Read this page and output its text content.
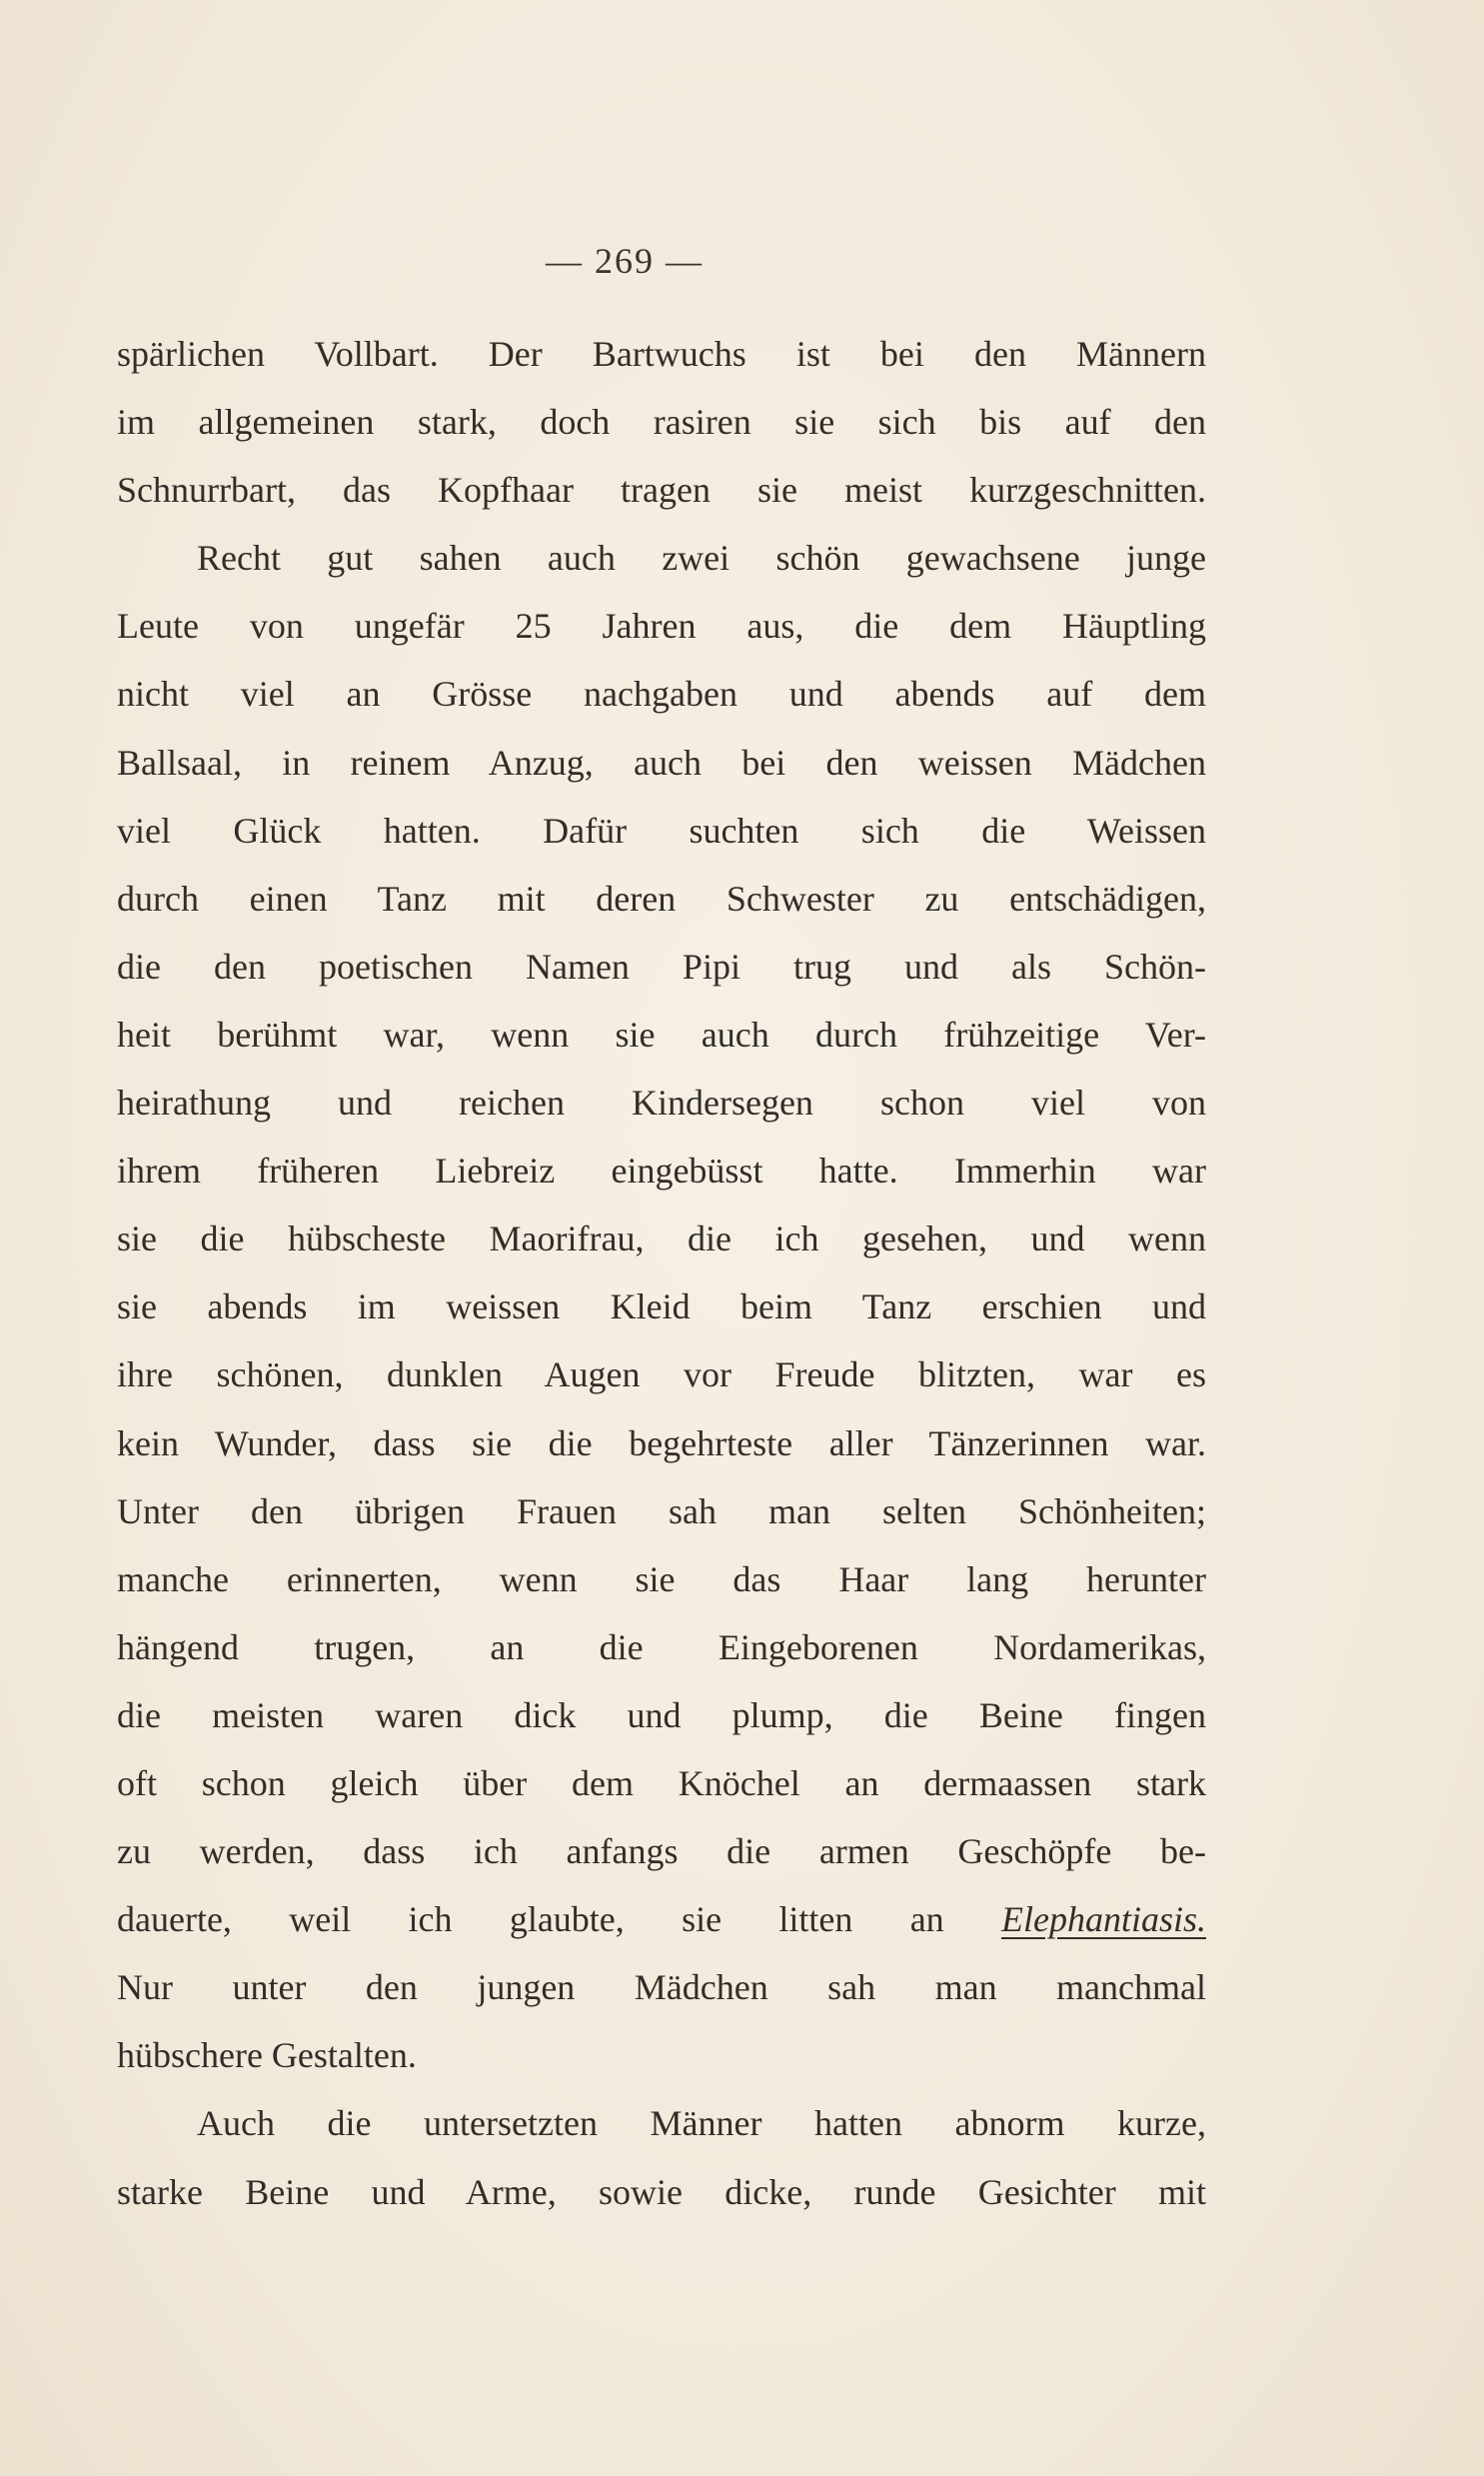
— 269 —
spärlichen Vollbart. Der Bartwuchs ist bei den Männern
im allgemeinen stark, doch rasiren sie sich bis auf den
Schnurrbart, das Kopfhaar tragen sie meist kurzgeschnitten.
Recht gut sahen auch zwei schön gewachsene junge
Leute von ungefär 25 Jahren aus, die dem Häuptling
nicht viel an Grösse nachgaben und abends auf dem
Ballsaal, in reinem Anzug, auch bei den weissen Mädchen
viel Glück hatten. Dafür suchten sich die Weissen
durch einen Tanz mit deren Schwester zu entschädigen,
die den poetischen Namen Pipi trug und als Schön-
heit berühmt war, wenn sie auch durch frühzeitige Ver-
heirathung und reichen Kindersegen schon viel von
ihrem früheren Liebreiz eingebüsst hatte. Immerhin war
sie die hübscheste Maorifrau, die ich gesehen, und wenn
sie abends im weissen Kleid beim Tanz erschien und
ihre schönen, dunklen Augen vor Freude blitzten, war es
kein Wunder, dass sie die begehrteste aller Tänzerinnen war.
Unter den übrigen Frauen sah man selten Schönheiten;
manche erinnerten, wenn sie das Haar lang herunter
hängend trugen, an die Eingeborenen Nordamerikas,
die meisten waren dick und plump, die Beine fingen
oft schon gleich über dem Knöchel an dermaassen stark
zu werden, dass ich anfangs die armen Geschöpfe be-
dauerte, weil ich glaubte, sie litten an Elephantiasis.
Nur unter den jungen Mädchen sah man manchmal
hübschere Gestalten.
Auch die untersetzten Männer hatten abnorm kurze,
starke Beine und Arme, sowie dicke, runde Gesichter mit
